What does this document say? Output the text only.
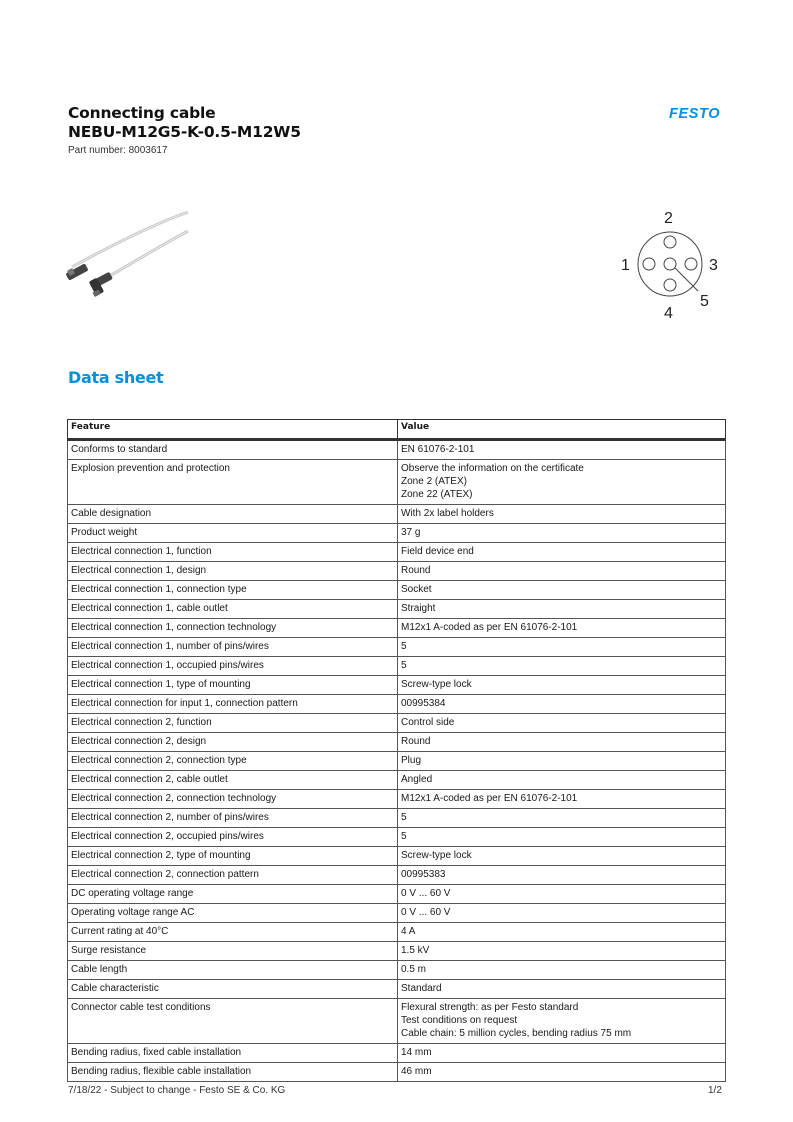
Connecting cable
NEBU-M12G5-K-0.5-M12W5
Part number: 8003617
FESTO
2
1	3
4
5
Data sheet
Feature	Value
Conforms to standard	EN 61076-2-101

Explosion prevention and protection	Observe the information on the certificate
Zone 2 (ATEX)
Zone 22 (ATEX)

Cable designation	With 2x label holders

Product weight	37 g

Electrical connection 1, function	Field device end

Electrical connection 1, design	Round

Electrical connection 1, connection type	Socket

Electrical connection 1, cable outlet	Straight

Electrical connection 1, connection technology	M12x1 A-coded as per EN 61076-2-101

Electrical connection 1, number of pins/wires	5

Electrical connection 1, occupied pins/wires	5

Electrical connection 1, type of mounting	Screw-type lock

Electrical connection for input 1, connection pattern	00995384

Electrical connection 2, function	Control side

Electrical connection 2, design	Round

Electrical connection 2, connection type	Plug

Electrical connection 2, cable outlet	Angled

Electrical connection 2, connection technology	M12x1 A-coded as per EN 61076-2-101

Electrical connection 2, number of pins/wires	5

Electrical connection 2, occupied pins/wires	5

Electrical connection 2, type of mounting	Screw-type lock

Electrical connection 2, connection pattern	00995383

DC operating voltage range	0 V ... 60 V

Operating voltage range AC	0 V ... 60 V

Current rating at 40°C	4 A

Surge resistance	1.5 kV

Cable length	0.5 m

Cable characteristic	Standard

Connector cable test conditions	Flexural strength: as per Festo standard
Test conditions on request
Cable chain: 5 million cycles, bending radius 75 mm

Bending radius, fixed cable installation	14 mm

Bending radius, flexible cable installation	46 mm
7/18/22 - Subject to change - Festo SE & Co. KG	1/2
